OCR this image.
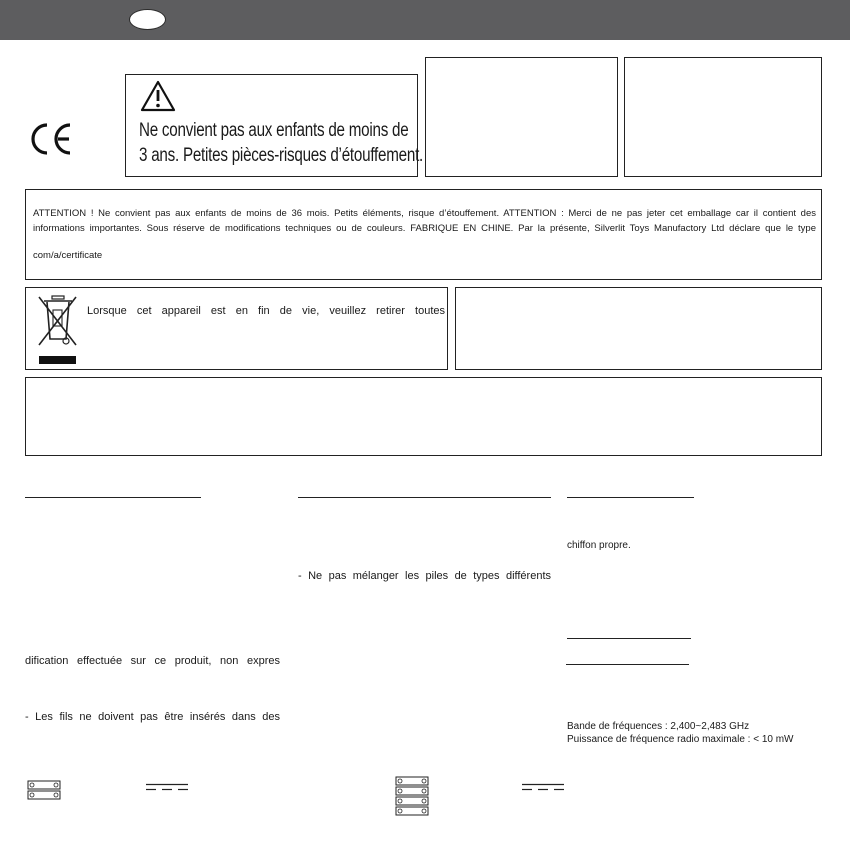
Ne convient pas aux enfants de moins de
3 ans. Petites pièces-risques d’étouffement.
ATTENTION ! Ne convient pas aux enfants de moins de 36 mois. Petits éléments, risque d’étouffement. ATTENTION : Merci de ne pas jeter cet emballage car il contient des
informations importantes. Sous réserve de modifications techniques ou de couleurs. FABRIQUE EN CHINE. Par la présente, Silverlit Toys Manufactory Ltd déclare que le type
com/a/certificate
Lorsque cet appareil est en fin de vie, veuillez retirer toutes
dification effectuée sur ce produit, non expres
- Les fils ne doivent pas être insérés dans des
- Ne pas mélanger les piles de types différents
chiffon propre.
Bande de fréquences : 2,400~2,483 GHz
Puissance de fréquence radio maximale : < 10 mW
